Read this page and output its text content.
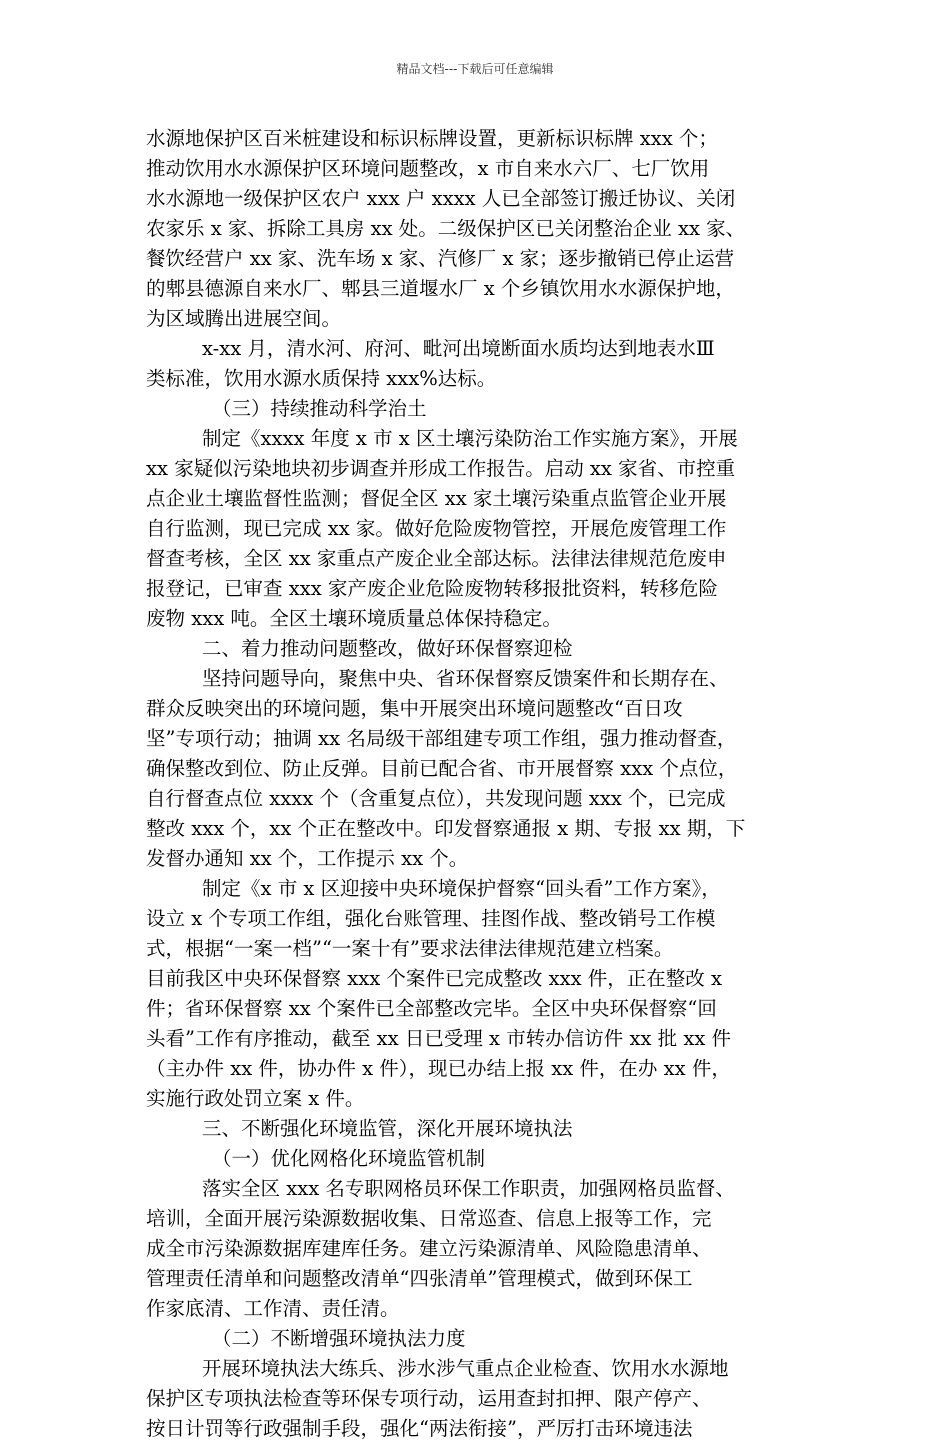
精品文档---下载后可任意编辑
水源地保护区百米桩建设和标识标牌设置，更新标识标牌 xxx 个；
推动饮用水水源保护区环境问题整改，x 市自来水六厂、七厂饮用
水水源地一级保护区农户 xxx 户 xxxx 人已全部签订搬迁协议、关闭
农家乐 x 家、拆除工具房 xx 处。二级保护区已关闭整治企业 xx 家、
餐饮经营户 xx 家、洗车场 x 家、汽修厂 x 家；逐步撤销已停止运营
的郫县德源自来水厂、郫县三道堰水厂 x 个乡镇饮用水水源保护地，
为区域腾出进展空间。
x-xx 月，清水河、府河、毗河出境断面水质均达到地表水Ⅲ
类标准，饮用水源水质保持 xxx%达标。
（三）持续推动科学治土
制定《xxxx 年度 x 市 x 区土壤污染防治工作实施方案》，开展
xx 家疑似污染地块初步调查并形成工作报告。启动 xx 家省、市控重
点企业土壤监督性监测；督促全区 xx 家土壤污染重点监管企业开展
自行监测，现已完成 xx 家。做好危险废物管控，开展危废管理工作
督查考核，全区 xx 家重点产废企业全部达标。法律法律规范危废申
报登记，已审查 xxx 家产废企业危险废物转移报批资料，转移危险
废物 xxx 吨。全区土壤环境质量总体保持稳定。
二、着力推动问题整改，做好环保督察迎检
坚持问题导向，聚焦中央、省环保督察反馈案件和长期存在、
群众反映突出的环境问题，集中开展突出环境问题整改“百日攻
坚”专项行动；抽调 xx 名局级干部组建专项工作组，强力推动督查，
确保整改到位、防止反弹。目前已配合省、市开展督察 xxx 个点位，
自行督查点位 xxxx 个（含重复点位），共发现问题 xxx 个，已完成
整改 xxx 个，xx 个正在整改中。印发督察通报 x 期、专报 xx 期，下
发督办通知 xx 个，工作提示 xx 个。
制定《x 市 x 区迎接中央环境保护督察“回头看”工作方案》，
设立 x 个专项工作组，强化台账管理、挂图作战、整改销号工作模
式，根据“一案一档”“一案十有”要求法律法律规范建立档案。
目前我区中央环保督察 xxx 个案件已完成整改 xxx 件，正在整改 x
件；省环保督察 xx 个案件已全部整改完毕。全区中央环保督察“回
头看”工作有序推动，截至 xx 日已受理 x 市转办信访件 xx 批 xx 件
（主办件 xx 件，协办件 x 件），现已办结上报 xx 件，在办 xx 件，
实施行政处罚立案 x 件。
三、不断强化环境监管，深化开展环境执法
（一）优化网格化环境监管机制
落实全区 xxx 名专职网格员环保工作职责，加强网格员监督、
培训，全面开展污染源数据收集、日常巡查、信息上报等工作，完
成全市污染源数据库建库任务。建立污染源清单、风险隐患清单、
管理责任清单和问题整改清单“四张清单”管理模式，做到环保工
作家底清、工作清、责任清。
（二）不断增强环境执法力度
开展环境执法大练兵、涉水涉气重点企业检查、饮用水水源地
保护区专项执法检查等环保专项行动，运用查封扣押、限产停产、
按日计罚等行政强制手段，强化“两法衔接”，严厉打击环境违法
